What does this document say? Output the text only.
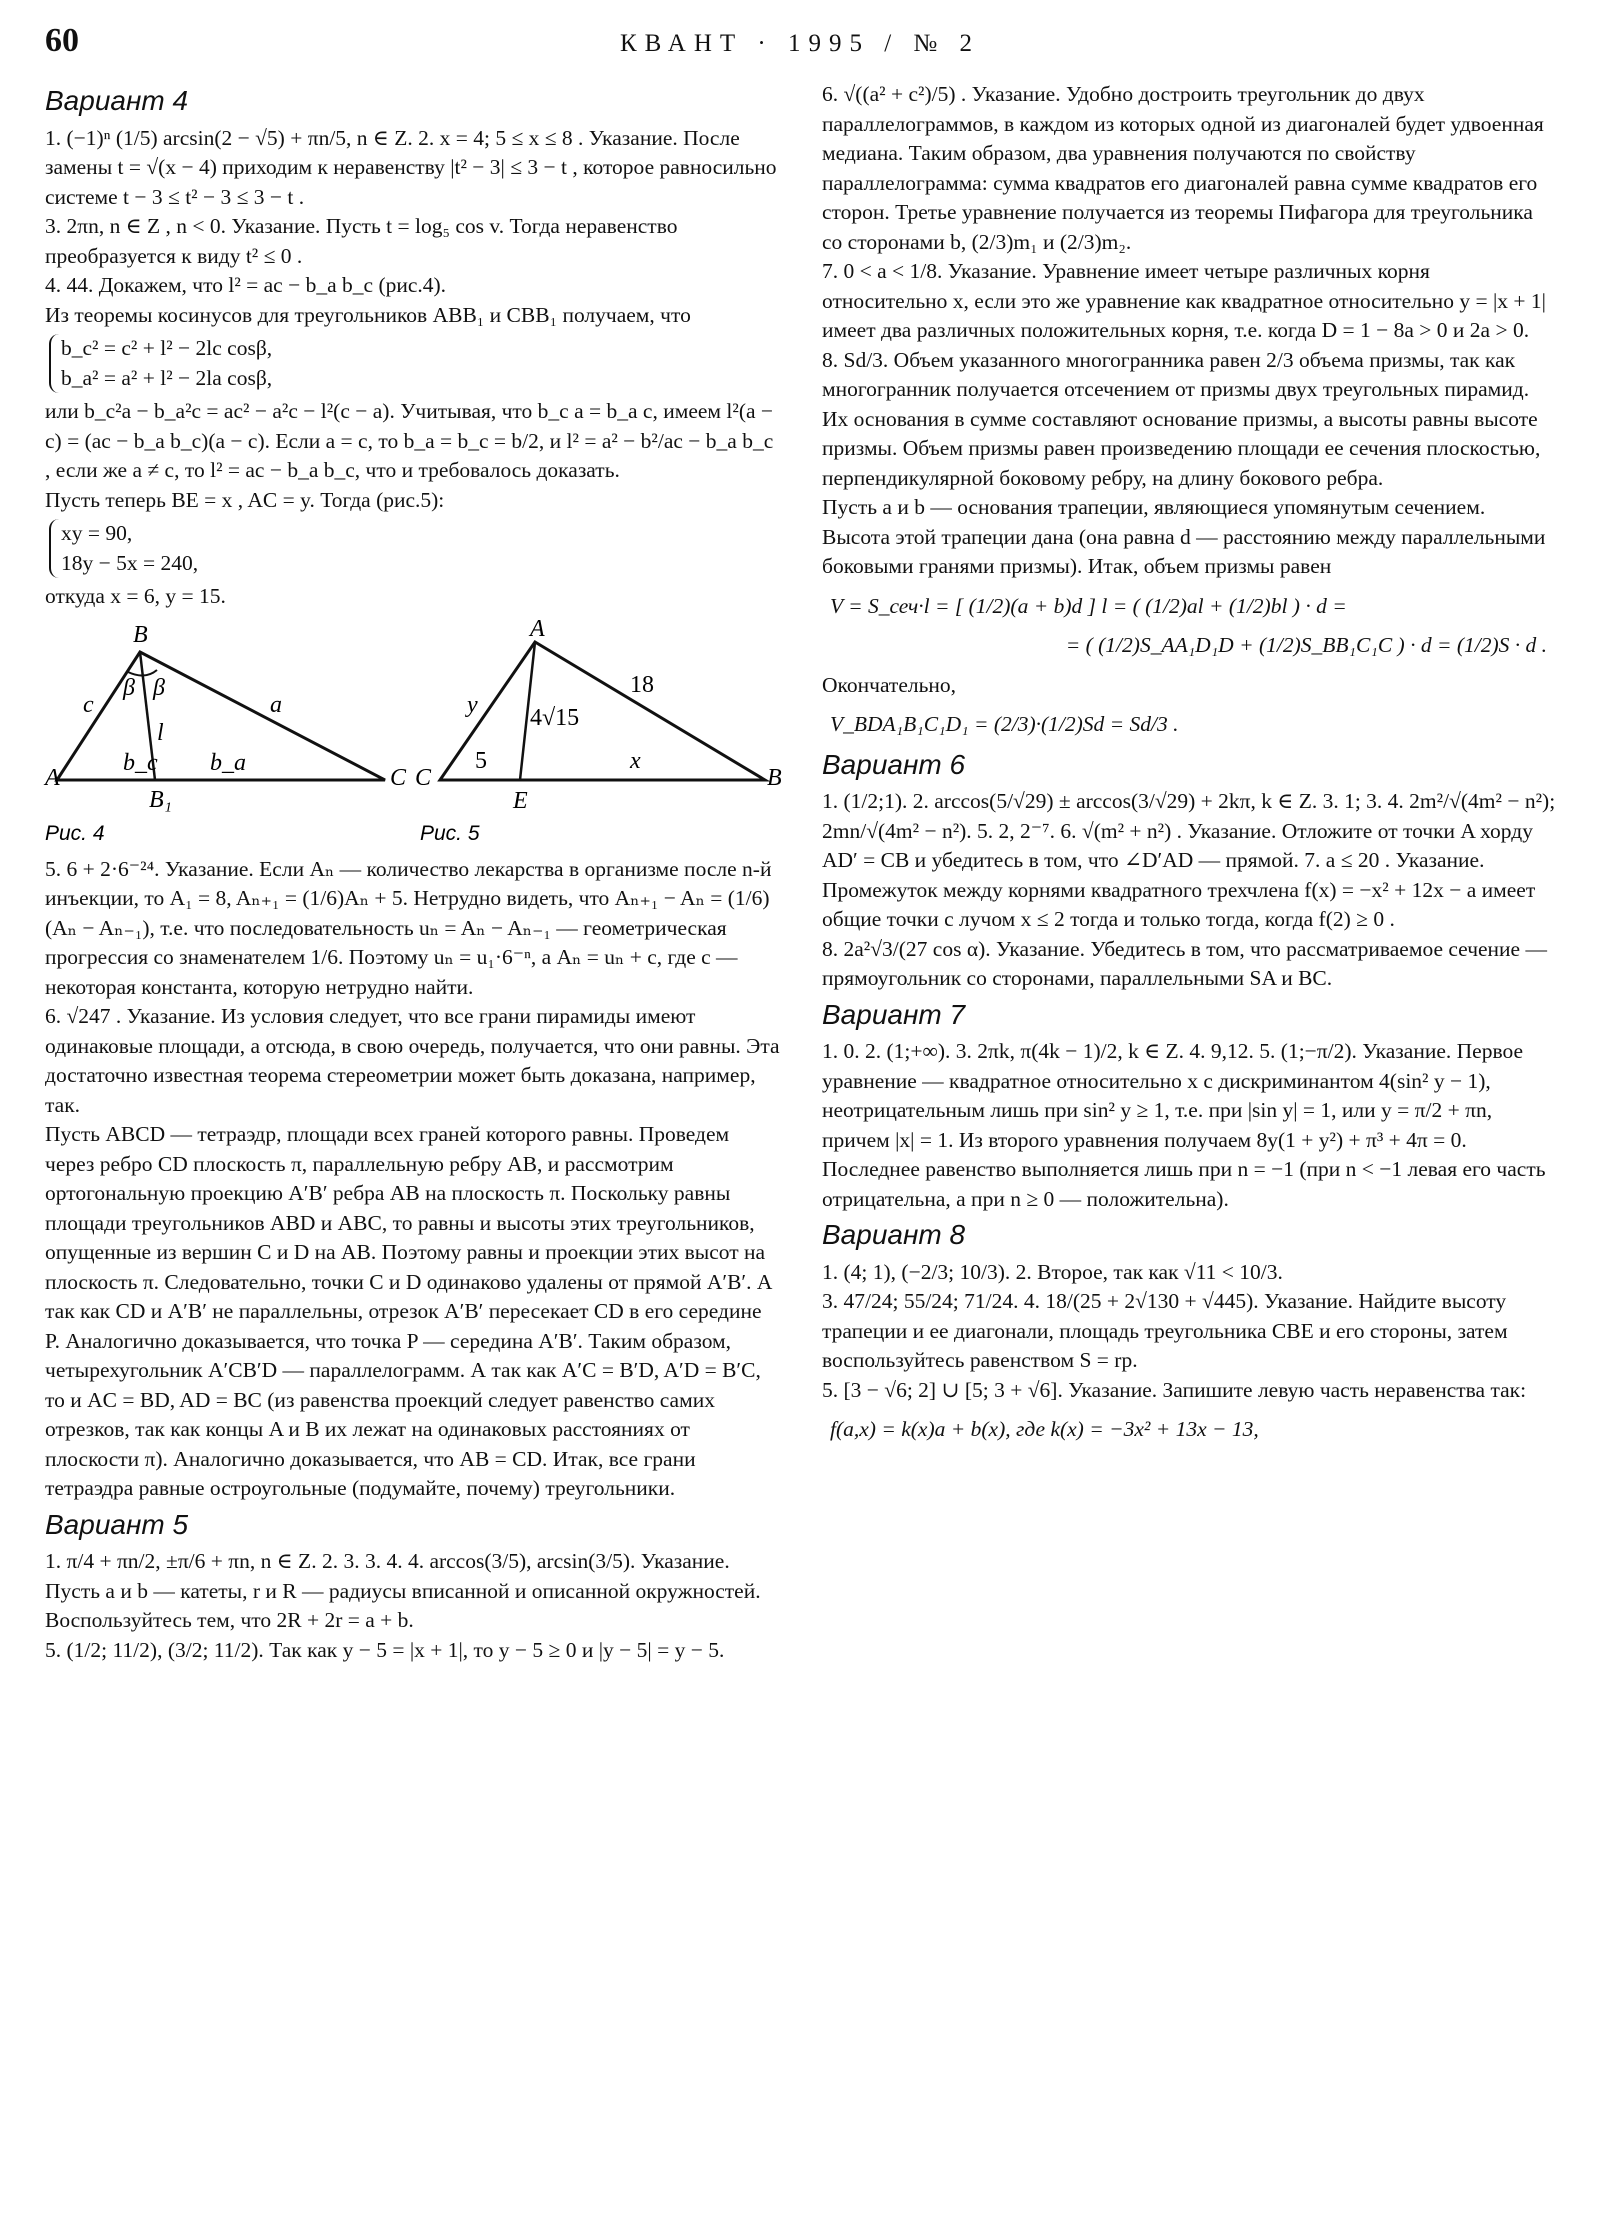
60	КВАНТ · 1995 / № 2
Вариант 4

1. (−1)ⁿ (1/5) arcsin(2 − √5) + πn/5, n ∈ Z. 2. x = 4; 5 ≤ x ≤ 8 . Указание. После замены t = √(x − 4) приходим к неравенству |t² − 3| ≤ 3 − t , которое равносильно системе t − 3 ≤ t² − 3 ≤ 3 − t .

3. 2πn, n ∈ Z , n < 0. Указание. Пусть t = log₅ cos v. Тогда неравенство преобразуется к виду t² ≤ 0 .

4. 44. Докажем, что l² = ac − b_a b_c (рис.4).

Из теоремы косинусов для треугольников ABB₁ и CBB₁ получаем, что

b_c² = c² + l² − 2lc cosβ,
b_a² = a² + l² − 2la cosβ,

или b_c²a − b_a²c = ac² − a²c − l²(c − a). Учитывая, что b_c a = b_a c, имеем l²(a − c) = (ac − b_a b_c)(a − c). Если a = c, то b_a = b_c = b/2, и l² = a² − b²/ac − b_a b_c , если же a ≠ c, то l² = ac − b_a b_c, что и требовалось доказать.

Пусть теперь BE = x , AC = y. Тогда (рис.5):

xy = 90,
18y − 5x = 240,

откуда x = 6, y = 15.

B
A	C
B₁
c	a
l
β β
b_c b_a
Рис. 4
A
C	B
E
y
18
4√15
5	x
Рис. 5

5. 6 + 2·6⁻²⁴. Указание. Если Aₙ — количество лекарства в организме после n-й инъекции, то A₁ = 8, Aₙ₊₁ = (1/6)Aₙ + 5. Нетрудно видеть, что Aₙ₊₁ − Aₙ = (1/6)(Aₙ − Aₙ₋₁), т.е. что последовательность uₙ = Aₙ − Aₙ₋₁ — геометрическая прогрессия со знаменателем 1/6. Поэтому uₙ = u₁·6⁻ⁿ, а Aₙ = uₙ + c, где c — некоторая константа, которую нетрудно найти.

6. √247 . Указание. Из условия следует, что все грани пирамиды имеют одинаковые площади, а отсюда, в свою очередь, получается, что они равны. Эта достаточно известная теорема стереометрии может быть доказана, например, так.

Пусть ABCD — тетраэдр, площади всех граней которого равны. Проведем через ребро CD плоскость π, параллельную ребру AB, и рассмотрим ортогональную проекцию A′B′ ребра AB на плоскость π. Поскольку равны площади треугольников ABD и ABC, то равны и высоты этих треугольников, опущенные из вершин C и D на AB. Поэтому равны и проекции этих высот на плоскость π. Следовательно, точки C и D одинаково удалены от прямой A′B′. А так как CD и A′B′ не параллельны, отрезок A′B′ пересекает CD в его середине P. Аналогично доказывается, что точка P — середина A′B′. Таким образом, четырехугольник A′CB′D — параллелограмм. А так как A′C = B′D, A′D = B′C, то и AC = BD, AD = BC (из равенства проекций следует равенство самих отрезков, так как концы A и B их лежат на одинаковых расстояниях от плоскости π). Аналогично доказывается, что AB = CD. Итак, все грани тетраэдра равные остроугольные (подумайте, почему) треугольники.

Вариант 5

1. π/4 + πn/2, ±π/6 + πn, n ∈ Z. 2. 3. 3. 4. 4. arccos(3/5), arcsin(3/5). Указание. Пусть a и b — катеты, r и R — радиусы вписанной и описанной окружностей. Воспользуйтесь тем, что 2R + 2r = a + b.

5. (1/2; 11/2), (3/2; 11/2). Так как y − 5 = |x + 1|, то y − 5 ≥ 0 и |y − 5| = y − 5.

6. √((a² + c²)/5) . Указание. Удобно достроить треугольник до двух параллелограммов, в каждом из которых одной из диагоналей будет удвоенная медиана. Таким образом, два уравнения получаются по свойству параллелограмма: сумма квадратов его диагоналей равна сумме квадратов его сторон. Третье уравнение получается из теоремы Пифагора для треугольника со сторонами b, (2/3)m₁ и (2/3)m₂.

7. 0 < a < 1/8. Указание. Уравнение имеет четыре различных корня относительно x, если это же уравнение как квадратное относительно y = |x + 1| имеет два различных положительных корня, т.е. когда D = 1 − 8a > 0 и 2a > 0.

8. Sd/3. Объем указанного многогранника равен 2/3 объема призмы, так как многогранник получается отсечением от призмы двух треугольных пирамид. Их основания в сумме составляют основание призмы, а высоты равны высоте призмы. Объем призмы равен произведению площади ее сечения плоскостью, перпендикулярной боковому ребру, на длину бокового ребра.

Пусть a и b — основания трапеции, являющиеся упомянутым сечением. Высота этой трапеции дана (она равна d — расстоянию между параллельными боковыми гранями призмы). Итак, объем призмы равен

V = S_сеч·l = [ (1/2)(a + b)d ] l = ( (1/2)al + (1/2)bl ) · d =
= ( (1/2)S_AA₁D₁D + (1/2)S_BB₁C₁C ) · d = (1/2)S · d .

Окончательно,

V_BDA₁B₁C₁D₁ = (2/3)·(1/2)Sd = Sd/3 .
Вариант 6

1. (1/2;1). 2. arccos(5/√29) ± arccos(3/√29) + 2kπ, k ∈ Z. 3. 1; 3. 4. 2m²/√(4m² − n²); 2mn/√(4m² − n²). 5. 2, 2⁻⁷. 6. √(m² + n²) . Указание. Отложите от точки A хорду AD′ = CB и убедитесь в том, что ∠D′AD — прямой. 7. a ≤ 20 . Указание. Промежуток между корнями квадратного трехчлена f(x) = −x² + 12x − a имеет общие точки с лучом x ≤ 2 тогда и только тогда, когда f(2) ≥ 0 .

8. 2a²√3/(27 cos α). Указание. Убедитесь в том, что рассматриваемое сечение — прямоугольник со сторонами, параллельными SA и BC.

Вариант 7

1. 0. 2. (1;+∞). 3. 2πk, π(4k − 1)/2, k ∈ Z. 4. 9,12. 5. (1;−π/2). Указание. Первое уравнение — квадратное относительно x с дискриминантом 4(sin² y − 1), неотрицательным лишь при sin² y ≥ 1, т.е. при |sin y| = 1, или y = π/2 + πn, причем |x| = 1. Из второго уравнения получаем 8y(1 + y²) + π³ + 4π = 0. Последнее равенство выполняется лишь при n = −1 (при n < −1 левая его часть отрицательна, а при n ≥ 0 — положительна).

Вариант 8

1. (4; 1), (−2/3; 10/3). 2. Второе, так как √11 < 10/3.

3. 47/24; 55/24; 71/24. 4. 18/(25 + 2√130 + √445). Указание. Найдите высоту трапеции и ее диагонали, площадь треугольника CBE и его стороны, затем воспользуйтесь равенством S = rp.

5. [3 − √6; 2] ∪ [5; 3 + √6]. Указание. Запишите левую часть неравенства так:

f(a,x) = k(x)a + b(x), где k(x) = −3x² + 13x − 13,
